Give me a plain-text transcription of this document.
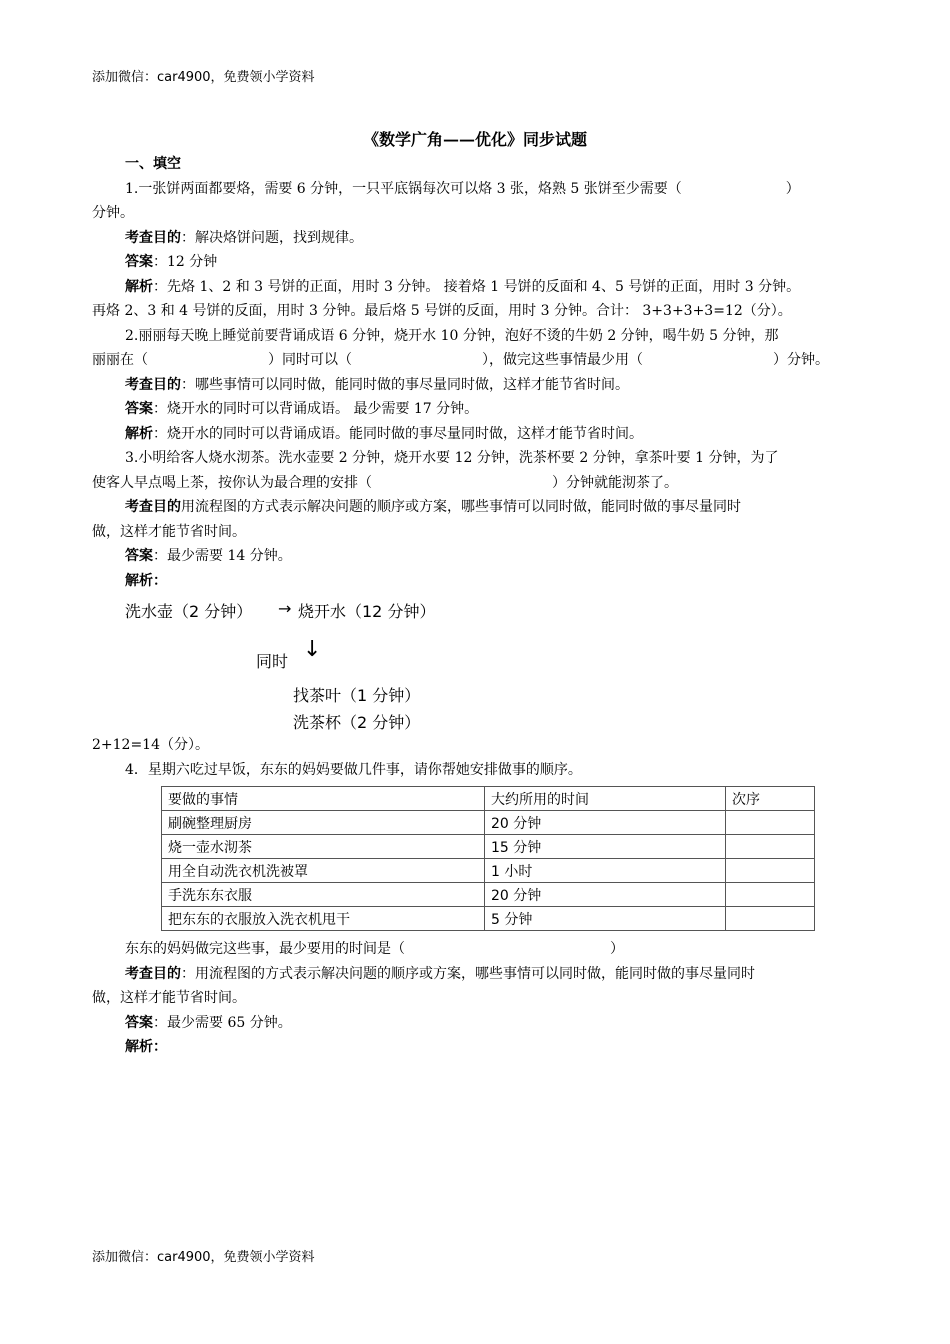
添加微信：car4900，免费领小学资料
《数学广角——优化》同步试题
一、填空
1.一张饼两面都要烙，需要 6 分钟，一只平底锅每次可以烙 3 张，烙熟 5 张饼至少需要（	）
分钟。
考查目的：解决烙饼问题，找到规律。
答案：12 分钟
解析：先烙 1、2 和 3 号饼的正面，用时 3 分钟。 接着烙 1 号饼的反面和 4、5 号饼的正面，用时 3 分钟。
再烙 2、3 和 4 号饼的反面，用时 3 分钟。最后烙 5 号饼的反面，用时 3 分钟。合计： 3+3+3+3=12（分）。
2.丽丽每天晚上睡觉前要背诵成语 6 分钟，烧开水 10 分钟，泡好不烫的牛奶 2 分钟，喝牛奶 5 分钟，那
丽丽在（	）同时可以（	），做完这些事情最少用（	）分钟。
考查目的：哪些事情可以同时做，能同时做的事尽量同时做，这样才能节省时间。
答案：烧开水的同时可以背诵成语。 最少需要 17 分钟。
解析：烧开水的同时可以背诵成语。能同时做的事尽量同时做，这样才能节省时间。
3.小明给客人烧水沏茶。洗水壶要 2 分钟，烧开水要 12 分钟，洗茶杯要 2 分钟，拿茶叶要 1 分钟，为了
使客人早点喝上茶，按你认为最合理的安排（	）分钟就能沏茶了。
考查目的用流程图的方式表示解决问题的顺序或方案，哪些事情可以同时做，能同时做的事尽量同时
做，这样才能节省时间。
答案：最少需要 14 分钟。
解析：
洗水壶（2 分钟） → 烧开水（12 分钟）
同时 ↓
找茶叶（1 分钟）
洗茶杯（2 分钟）
2+12=14（分）。
4．星期六吃过早饭，东东的妈妈要做几件事，请你帮她安排做事的顺序。
要做的事情	大约所用的时间	次序
刷碗整理厨房	20 分钟	
烧一壶水沏茶	15 分钟	
用全自动洗衣机洗被罩	1 小时	
手洗东东衣服	20 分钟	
把东东的衣服放入洗衣机甩干	5 分钟	
东东的妈妈做完这些事，最少要用的时间是（	）
考查目的：用流程图的方式表示解决问题的顺序或方案，哪些事情可以同时做，能同时做的事尽量同时
做，这样才能节省时间。
答案：最少需要 65 分钟。
解析：
添加微信：car4900，免费领小学资料
